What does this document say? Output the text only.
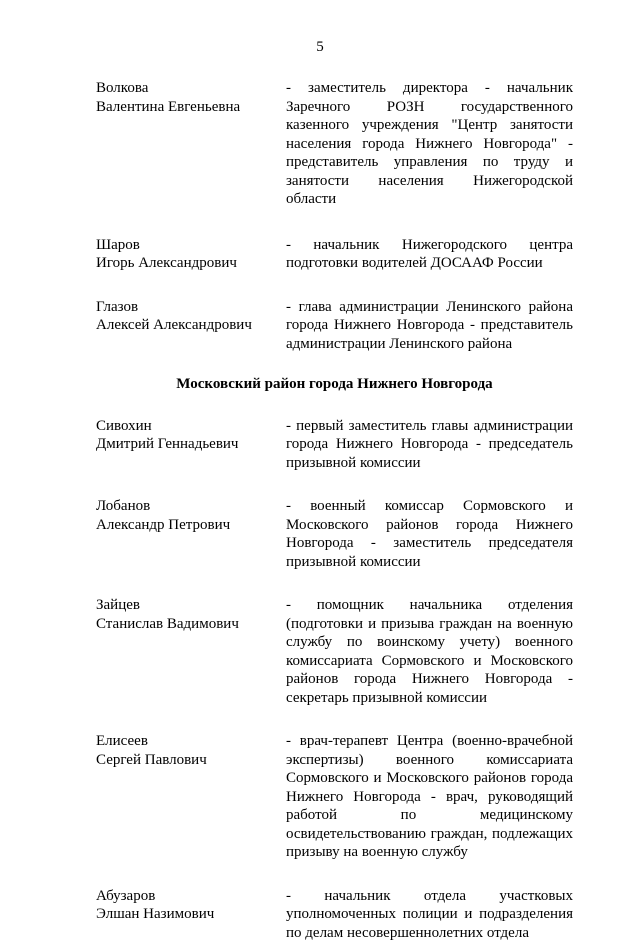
5
Волкова
Валентина Евгеньевна
- заместитель директора - начальник Заречного РОЗН государственного казенного учреждения "Центр занятости населения города Нижнего Новгорода" - представитель управления по труду и занятости населения Нижегородской области
Шаров
Игорь Александрович
- начальник Нижегородского центра подготовки водителей ДОСААФ России
Глазов
Алексей Александрович
- глава администрации Ленинского района города Нижнего Новгорода - представитель администрации Ленинского района
Московский район города Нижнего Новгорода
Сивохин
Дмитрий Геннадьевич
- первый заместитель главы администрации города Нижнего Новгорода - председатель призывной комиссии
Лобанов
Александр Петрович
- военный комиссар Сормовского и Московского районов города Нижнего Новгорода - заместитель председателя призывной комиссии
Зайцев
Станислав Вадимович
- помощник начальника отделения (подготовки и призыва граждан на военную службу по воинскому учету) военного комиссариата Сормовского и Московского районов города Нижнего Новгорода - секретарь призывной комиссии
Елисеев
Сергей Павлович
- врач-терапевт Центра (военно-врачебной экспертизы) военного комиссариата Сормовского и Московского районов города Нижнего Новгорода - врач, руководящий работой по медицинскому освидетельствованию граждан, подлежащих призыву на военную службу
Абузаров
Элшан Назимович
- начальник отдела участковых уполномоченных полиции и подразделения по делам несовершеннолетних отдела
